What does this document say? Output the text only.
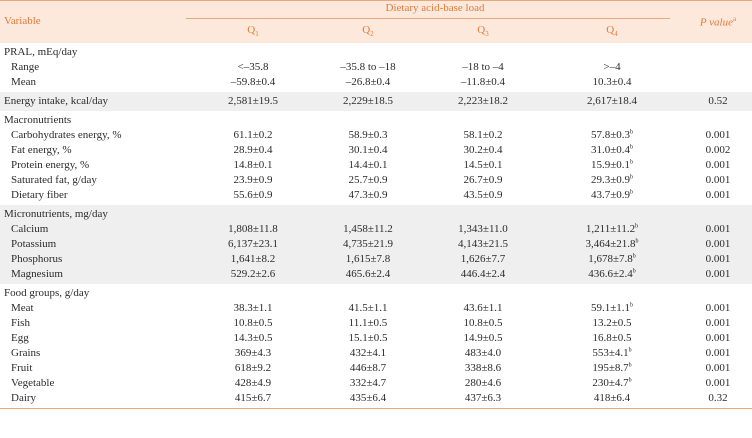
Variable
Dietary acid-base load
$Q_1$	$Q_2$	$Q_3$	$Q_4$
P value$^a$
PRAL, mEq/day
Range	<–35.8	–35.8 to –18	–18 to –4	>–4
Mean	–59.8±0.4	–26.8±0.4	–11.8±0.4	10.3±0.4
Energy intake, kcal/day	2,581±19.5	2,229±18.5	2,223±18.2	2,617±18.4	0.52
Macronutrients
Carbohydrates energy, %	61.1±0.2	58.9±0.3	58.1±0.2	57.8±0.3$^b$	0.001
Fat energy, %	28.9±0.4	30.1±0.4	30.2±0.4	31.0±0.4$^b$	0.002
Protein energy, %	14.8±0.1	14.4±0.1	14.5±0.1	15.9±0.1$^b$	0.001
Saturated fat, g/day	23.9±0.9	25.7±0.9	26.7±0.9	29.3±0.9$^b$	0.001
Dietary fiber	55.6±0.9	47.3±0.9	43.5±0.9	43.7±0.9$^b$	0.001
Micronutrients, mg/day
Calcium	1,808±11.8	1,458±11.2	1,343±11.0	1,211±11.2$^b$	0.001
Potassium	6,137±23.1	4,735±21.9	4,143±21.5	3,464±21.8$^b$	0.001
Phosphorus	1,641±8.2	1,615±7.8	1,626±7.7	1,678±7.8$^b$	0.001
Magnesium	529.2±2.6	465.6±2.4	446.4±2.4	436.6±2.4$^b$	0.001
Food groups, g/day
Meat	38.3±1.1	41.5±1.1	43.6±1.1	59.1±1.1$^b$	0.001
Fish	10.8±0.5	11.1±0.5	10.8±0.5	13.2±0.5	0.001
Egg	14.3±0.5	15.1±0.5	14.9±0.5	16.8±0.5	0.001
Grains	369±4.3	432±4.1	483±4.0	553±4.1$^b$	0.001
Fruit	618±9.2	446±8.7	338±8.6	195±8.7$^b$	0.001
Vegetable	428±4.9	332±4.7	280±4.6	230±4.7$^b$	0.001
Dairy	415±6.7	435±6.4	437±6.3	418±6.4	0.32
